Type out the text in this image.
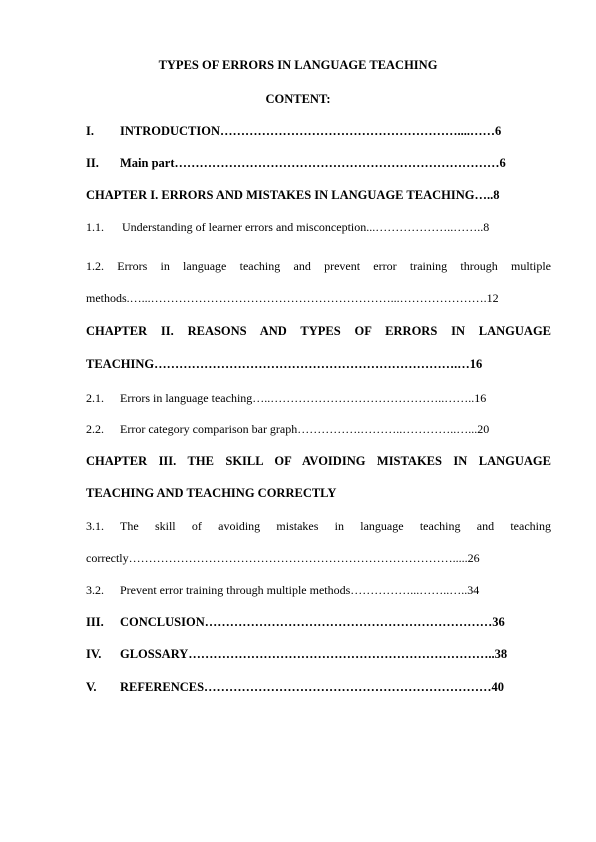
TYPES OF ERRORS IN LANGUAGE TEACHING
CONTENT:
I. INTRODUCTION…………………………………………………....……6
II. Main part……………………………………………………………………6
CHAPTER I. ERRORS AND MISTAKES IN LANGUAGE TEACHING…..8
1.1. Understanding of learner errors and misconception...………………..……..8
1.2. Errors in language teaching and prevent error training through multiple
methods.…...……………………………………………………...………………….12
CHAPTER II. REASONS AND TYPES OF ERRORS IN LANGUAGE
TEACHING……………………………………………………………….…16
2.1. Errors in language teaching…..……………………………………..……..16
2.2. Error category comparison bar graph…………….………..…………..…...20
CHAPTER III. THE SKILL OF AVOIDING MISTAKES IN LANGUAGE
TEACHING AND TEACHING CORRECTLY
3.1. The skill of avoiding mistakes in language teaching and teaching
correctly……………………………………………………………………….....26
3.2. Prevent error training through multiple methods……………...……..…..34
III. CONCLUSION……………………………………………………………36
IV. GLOSSARY………………………………………………………………..38
V. REFERENCES……………………………………………………………40
